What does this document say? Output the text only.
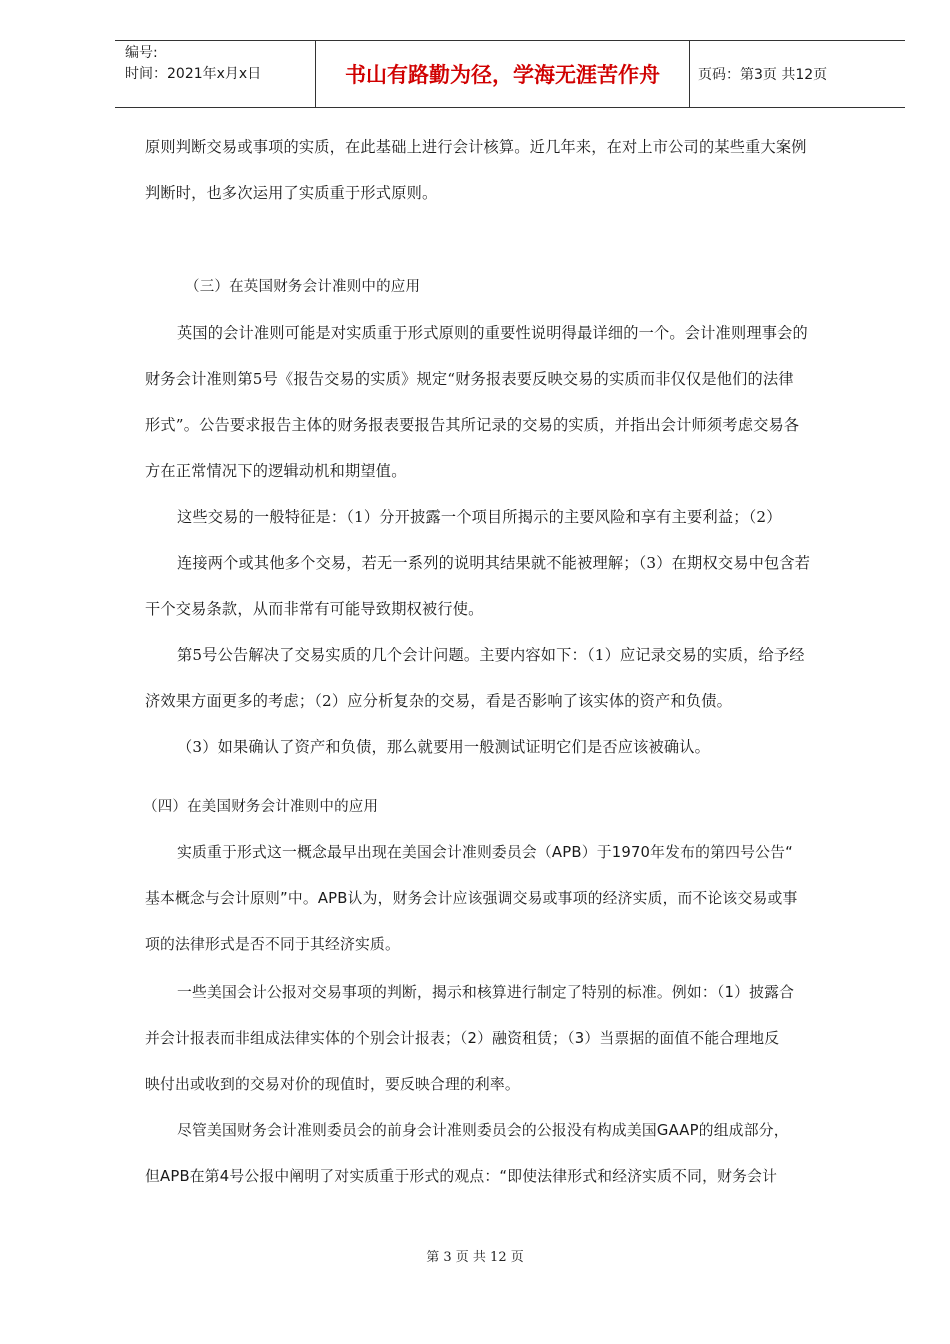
编号:
时间：2021年x月x日	书山有路勤为径，学海无涯苦作舟	页码：第3页 共12页

原则判断交易或事项的实质，在此基础上进行会计核算。近几年来，在对上市公司的某些重大案例

判断时，也多次运用了实质重于形式原则。

（三）在英国财务会计准则中的应用

英国的会计准则可能是对实质重于形式原则的重要性说明得最详细的一个。会计准则理事会的

财务会计准则第5号《报告交易的实质》规定“财务报表要反映交易的实质而非仅仅是他们的法律

形式”。公告要求报告主体的财务报表要报告其所记录的交易的实质，并指出会计师须考虑交易各

方在正常情况下的逻辑动机和期望值。

这些交易的一般特征是：（1）分开披露一个项目所揭示的主要风险和享有主要利益；（2）

连接两个或其他多个交易，若无一系列的说明其结果就不能被理解；（3）在期权交易中包含若

干个交易条款，从而非常有可能导致期权被行使。

第5号公告解决了交易实质的几个会计问题。主要内容如下：（1）应记录交易的实质，给予经

济效果方面更多的考虑；（2）应分析复杂的交易，看是否影响了该实体的资产和负债。

（3）如果确认了资产和负债，那么就要用一般测试证明它们是否应该被确认。

（四）在美国财务会计准则中的应用

实质重于形式这一概念最早出现在美国会计准则委员会（APB）于1970年发布的第四号公告“

基本概念与会计原则”中。APB认为，财务会计应该强调交易或事项的经济实质，而不论该交易或事

项的法律形式是否不同于其经济实质。

一些美国会计公报对交易事项的判断，揭示和核算进行制定了特别的标准。例如：（1）披露合

并会计报表而非组成法律实体的个别会计报表；（2）融资租赁；（3）当票据的面值不能合理地反

映付出或收到的交易对价的现值时，要反映合理的利率。

尽管美国财务会计准则委员会的前身会计准则委员会的公报没有构成美国GAAP的组成部分，

但APB在第4号公报中阐明了对实质重于形式的观点：“即使法律形式和经济实质不同，财务会计

第 3 页 共 12 页
